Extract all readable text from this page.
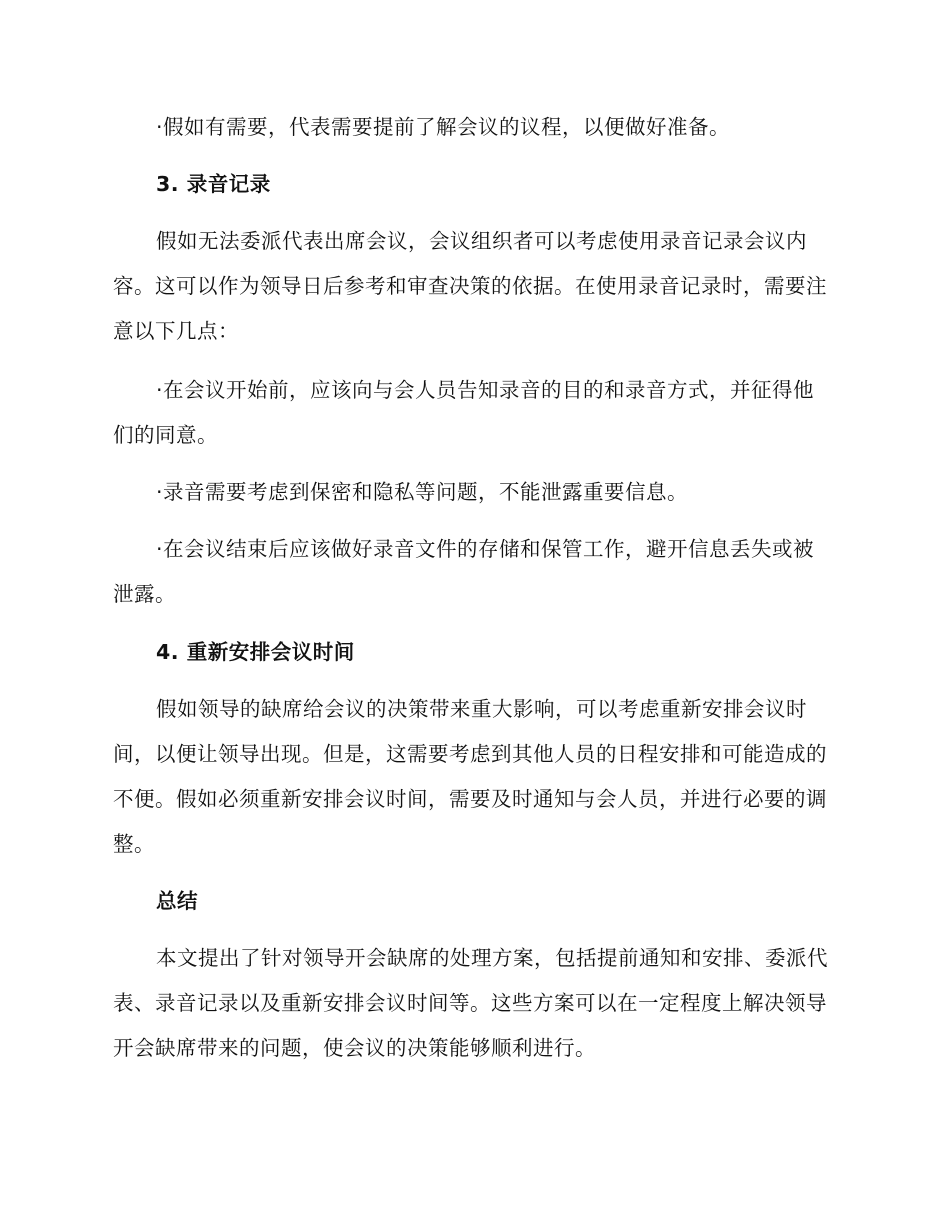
·假如有需要，代表需要提前了解会议的议程，以便做好准备。

3. 录音记录

假如无法委派代表出席会议，会议组织者可以考虑使用录音记录会议内容。这可以作为领导日后参考和审查决策的依据。在使用录音记录时，需要注意以下几点：

·在会议开始前，应该向与会人员告知录音的目的和录音方式，并征得他们的同意。

·录音需要考虑到保密和隐私等问题，不能泄露重要信息。

·在会议结束后应该做好录音文件的存储和保管工作，避开信息丢失或被泄露。

4. 重新安排会议时间

假如领导的缺席给会议的决策带来重大影响，可以考虑重新安排会议时间，以便让领导出现。但是，这需要考虑到其他人员的日程安排和可能造成的不便。假如必须重新安排会议时间，需要及时通知与会人员，并进行必要的调整。

总结

本文提出了针对领导开会缺席的处理方案，包括提前通知和安排、委派代表、录音记录以及重新安排会议时间等。这些方案可以在一定程度上解决领导开会缺席带来的问题，使会议的决策能够顺利进行。
